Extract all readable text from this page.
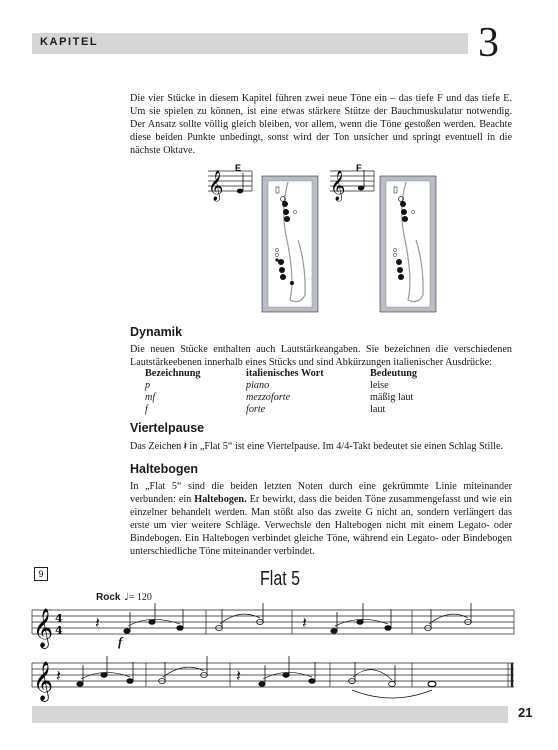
KAPITEL	3

Die vier Stücke in diesem Kapitel führen zwei neue Töne ein – das tiefe F und das tiefe E. Um sie spielen zu können, ist eine etwas stärkere Stütze der Bauchmuskulatur notwendig. Der Ansatz sollte völlig gleich bleiben, vor allem, wenn die Töne gestoßen werden. Beachte diese beiden Punkte unbedingt, sonst wird der Ton unsicher und springt eventuell in die nächste Oktave.

𝄞
E
𝄞
F
𝄞 4
4 𝄽	𝄽
𝄞 𝄽	𝄽
Dynamik

Die neuen Stücke enthalten auch Lautstärkeangaben. Sie bezeichnen die verschiedenen Lautstärkeebenen innerhalb eines Stücks und sind Abkürzungen italienischer Ausdrücke:

Bezeichnung	italienisches Wort	Bedeutung
p	piano	leise
mf	mezzoforte	mäßig laut
f	forte	laut
Viertelpause

Das Zeichen 𝄽 in „Flat 5“ ist eine Viertelpause. Im 4/4-Takt bedeutet sie einen Schlag Stille.

Haltebogen

In „Flat 5“ sind die beiden letzten Noten durch eine gekrümmte Linie miteinander verbunden: ein Haltebogen. Er bewirkt, dass die beiden Töne zusammengefasst und wie ein einzelner behandelt werden. Man stößt also das zweite G nicht an, sondern verlängert das erste um vier weitere Schläge. Verwechsle den Haltebogen nicht mit einem Legato- oder Bindebogen. Ein Haltebogen verbindet gleiche Töne, während ein Legato- oder Bindebogen unterschiedliche Töne miteinander verbindet.

9	Flat 5
Rock ♩= 120
f
21
